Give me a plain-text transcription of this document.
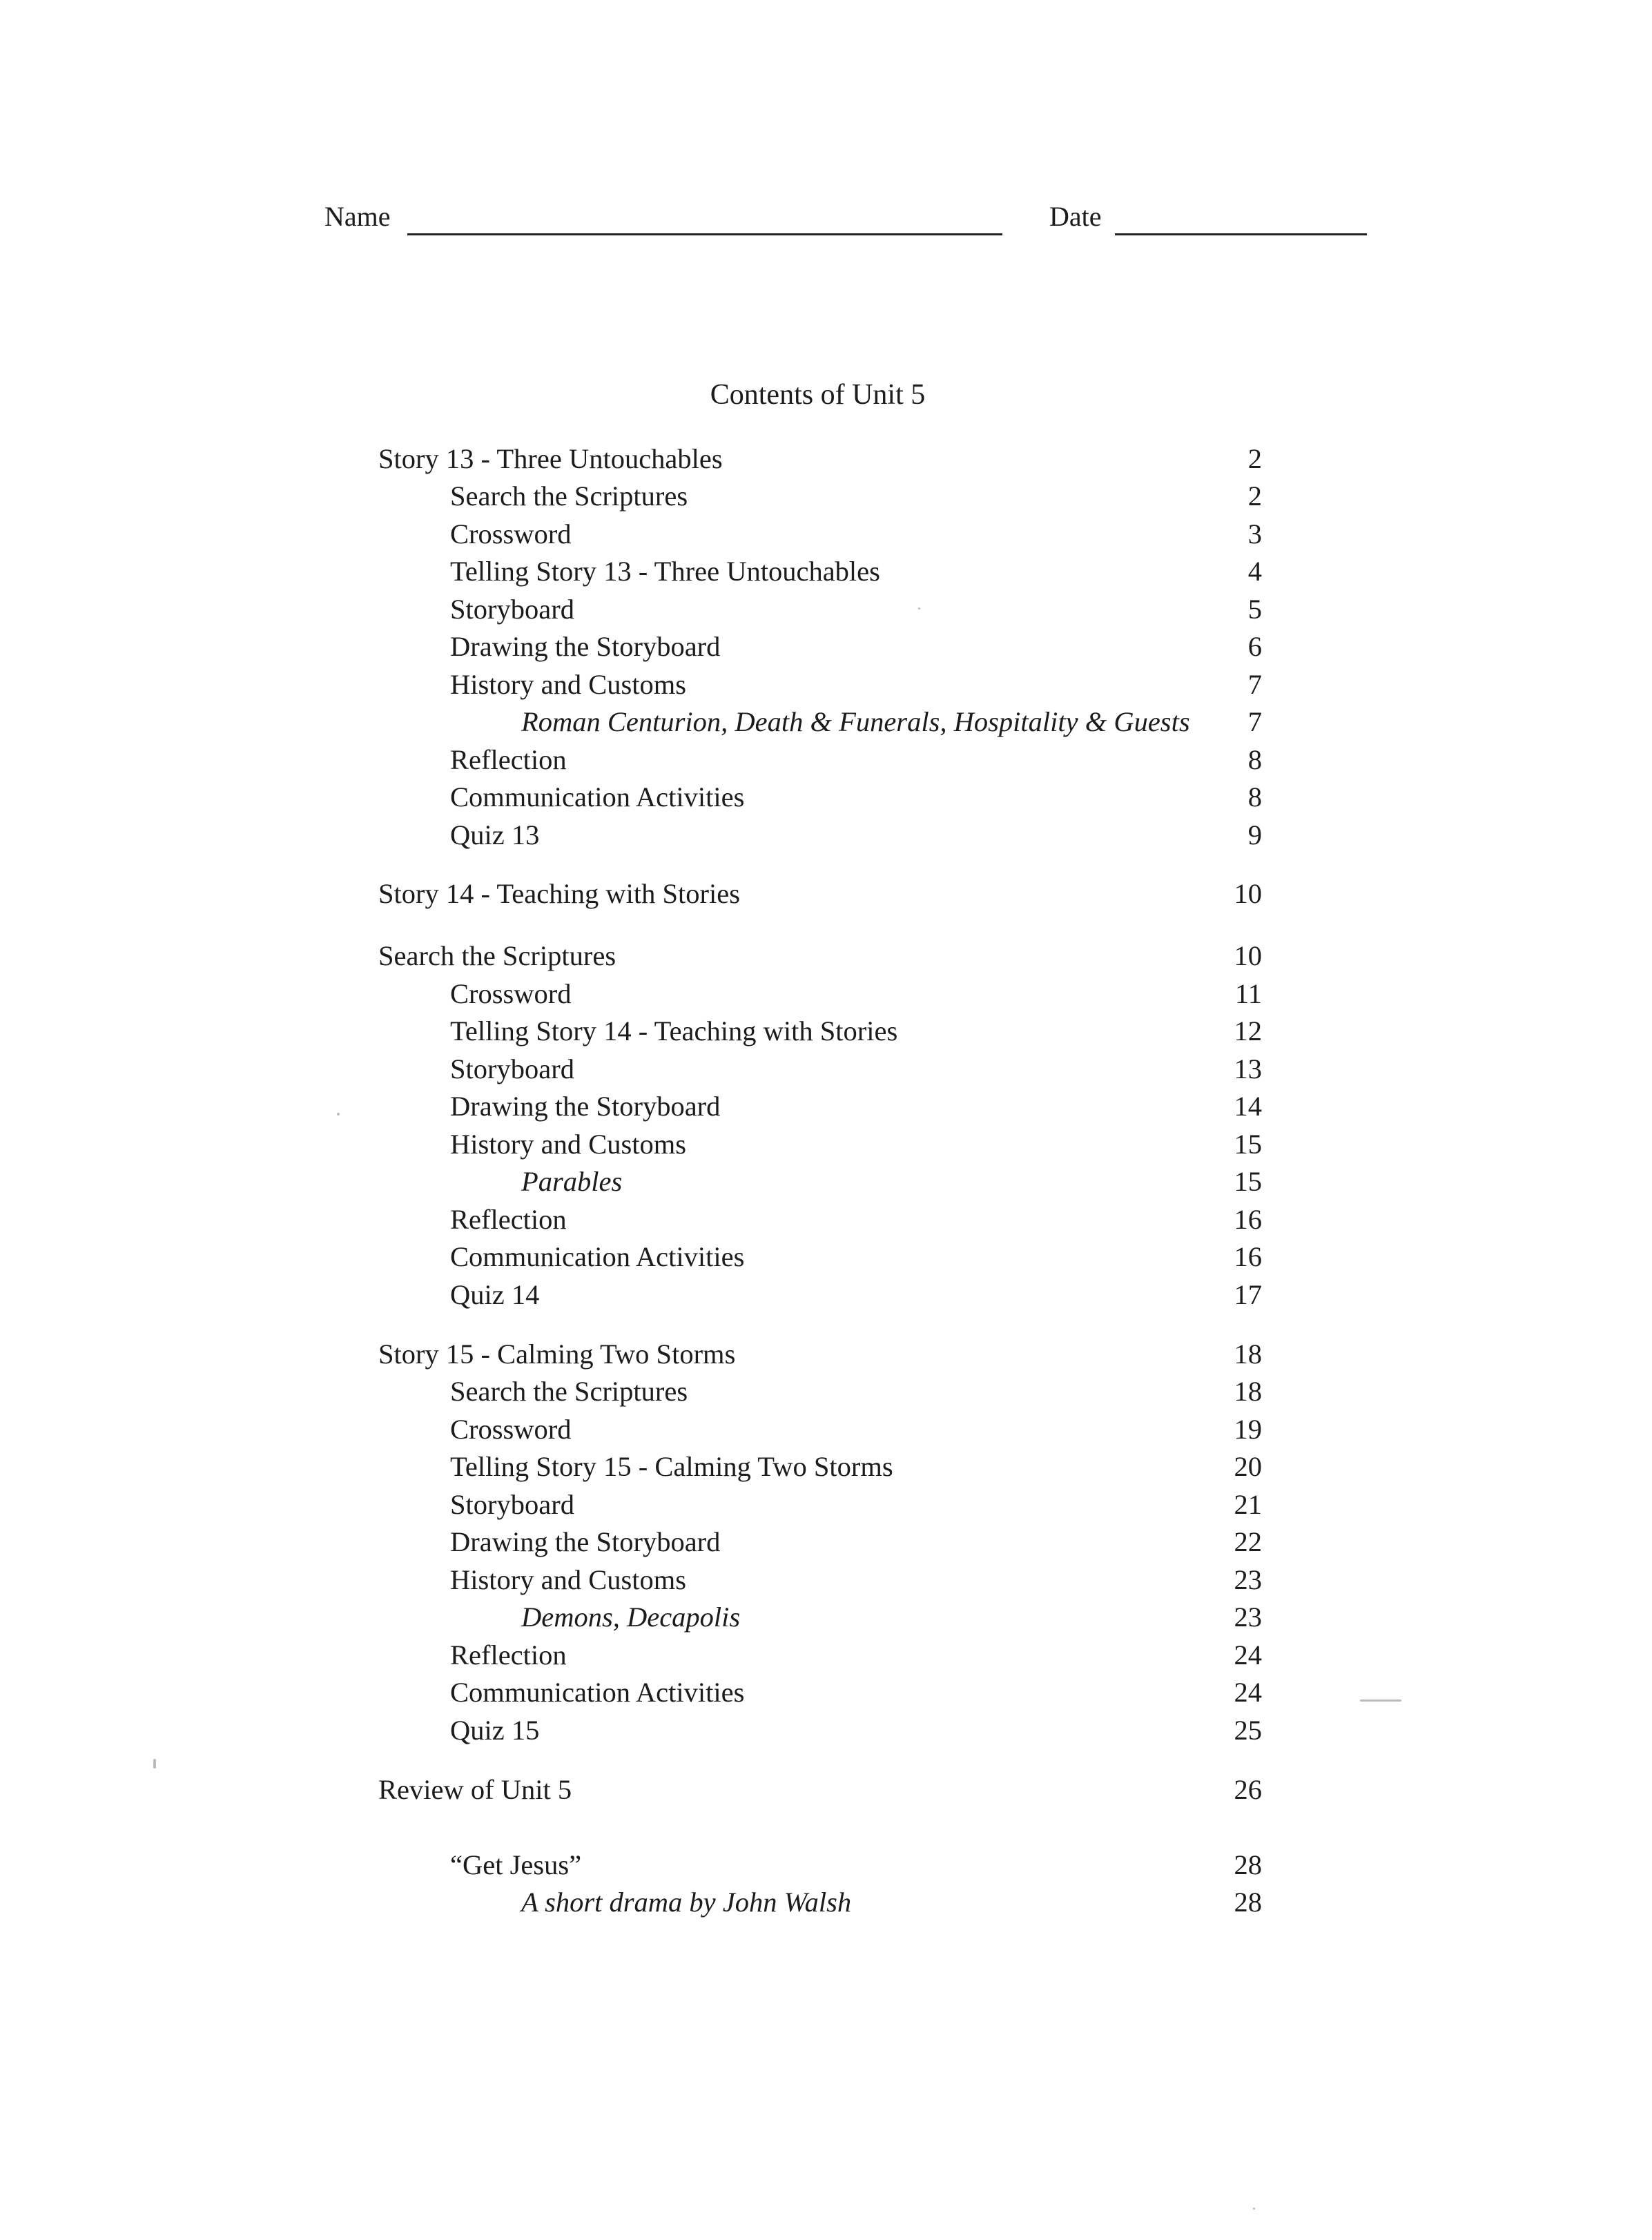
Name	Date
Contents of Unit 5
Story 13 - Three Untouchables	2
Search the Scriptures	2
Crossword	3
Telling Story 13 - Three Untouchables	4
Storyboard	5
Drawing the Storyboard	6
History and Customs	7
Roman Centurion, Death & Funerals, Hospitality & Guests 7
Reflection	8
Communication Activities	8
Quiz 13	9
Story 14 - Teaching with Stories	10
Search the Scriptures	10
Crossword	11
Telling Story 14 - Teaching with Stories	12
Storyboard	13
Drawing the Storyboard	14
History and Customs	15
Parables	15
Reflection	16
Communication Activities	16
Quiz 14	17
Story 15 - Calming Two Storms	18
Search the Scriptures	18
Crossword	19
Telling Story 15 - Calming Two Storms	20
Storyboard	21
Drawing the Storyboard	22
History and Customs	23
Demons, Decapolis	23
Reflection	24
Communication Activities	24
Quiz 15	25
Review of Unit 5	26
“Get Jesus”	28
A short drama by John Walsh	28
